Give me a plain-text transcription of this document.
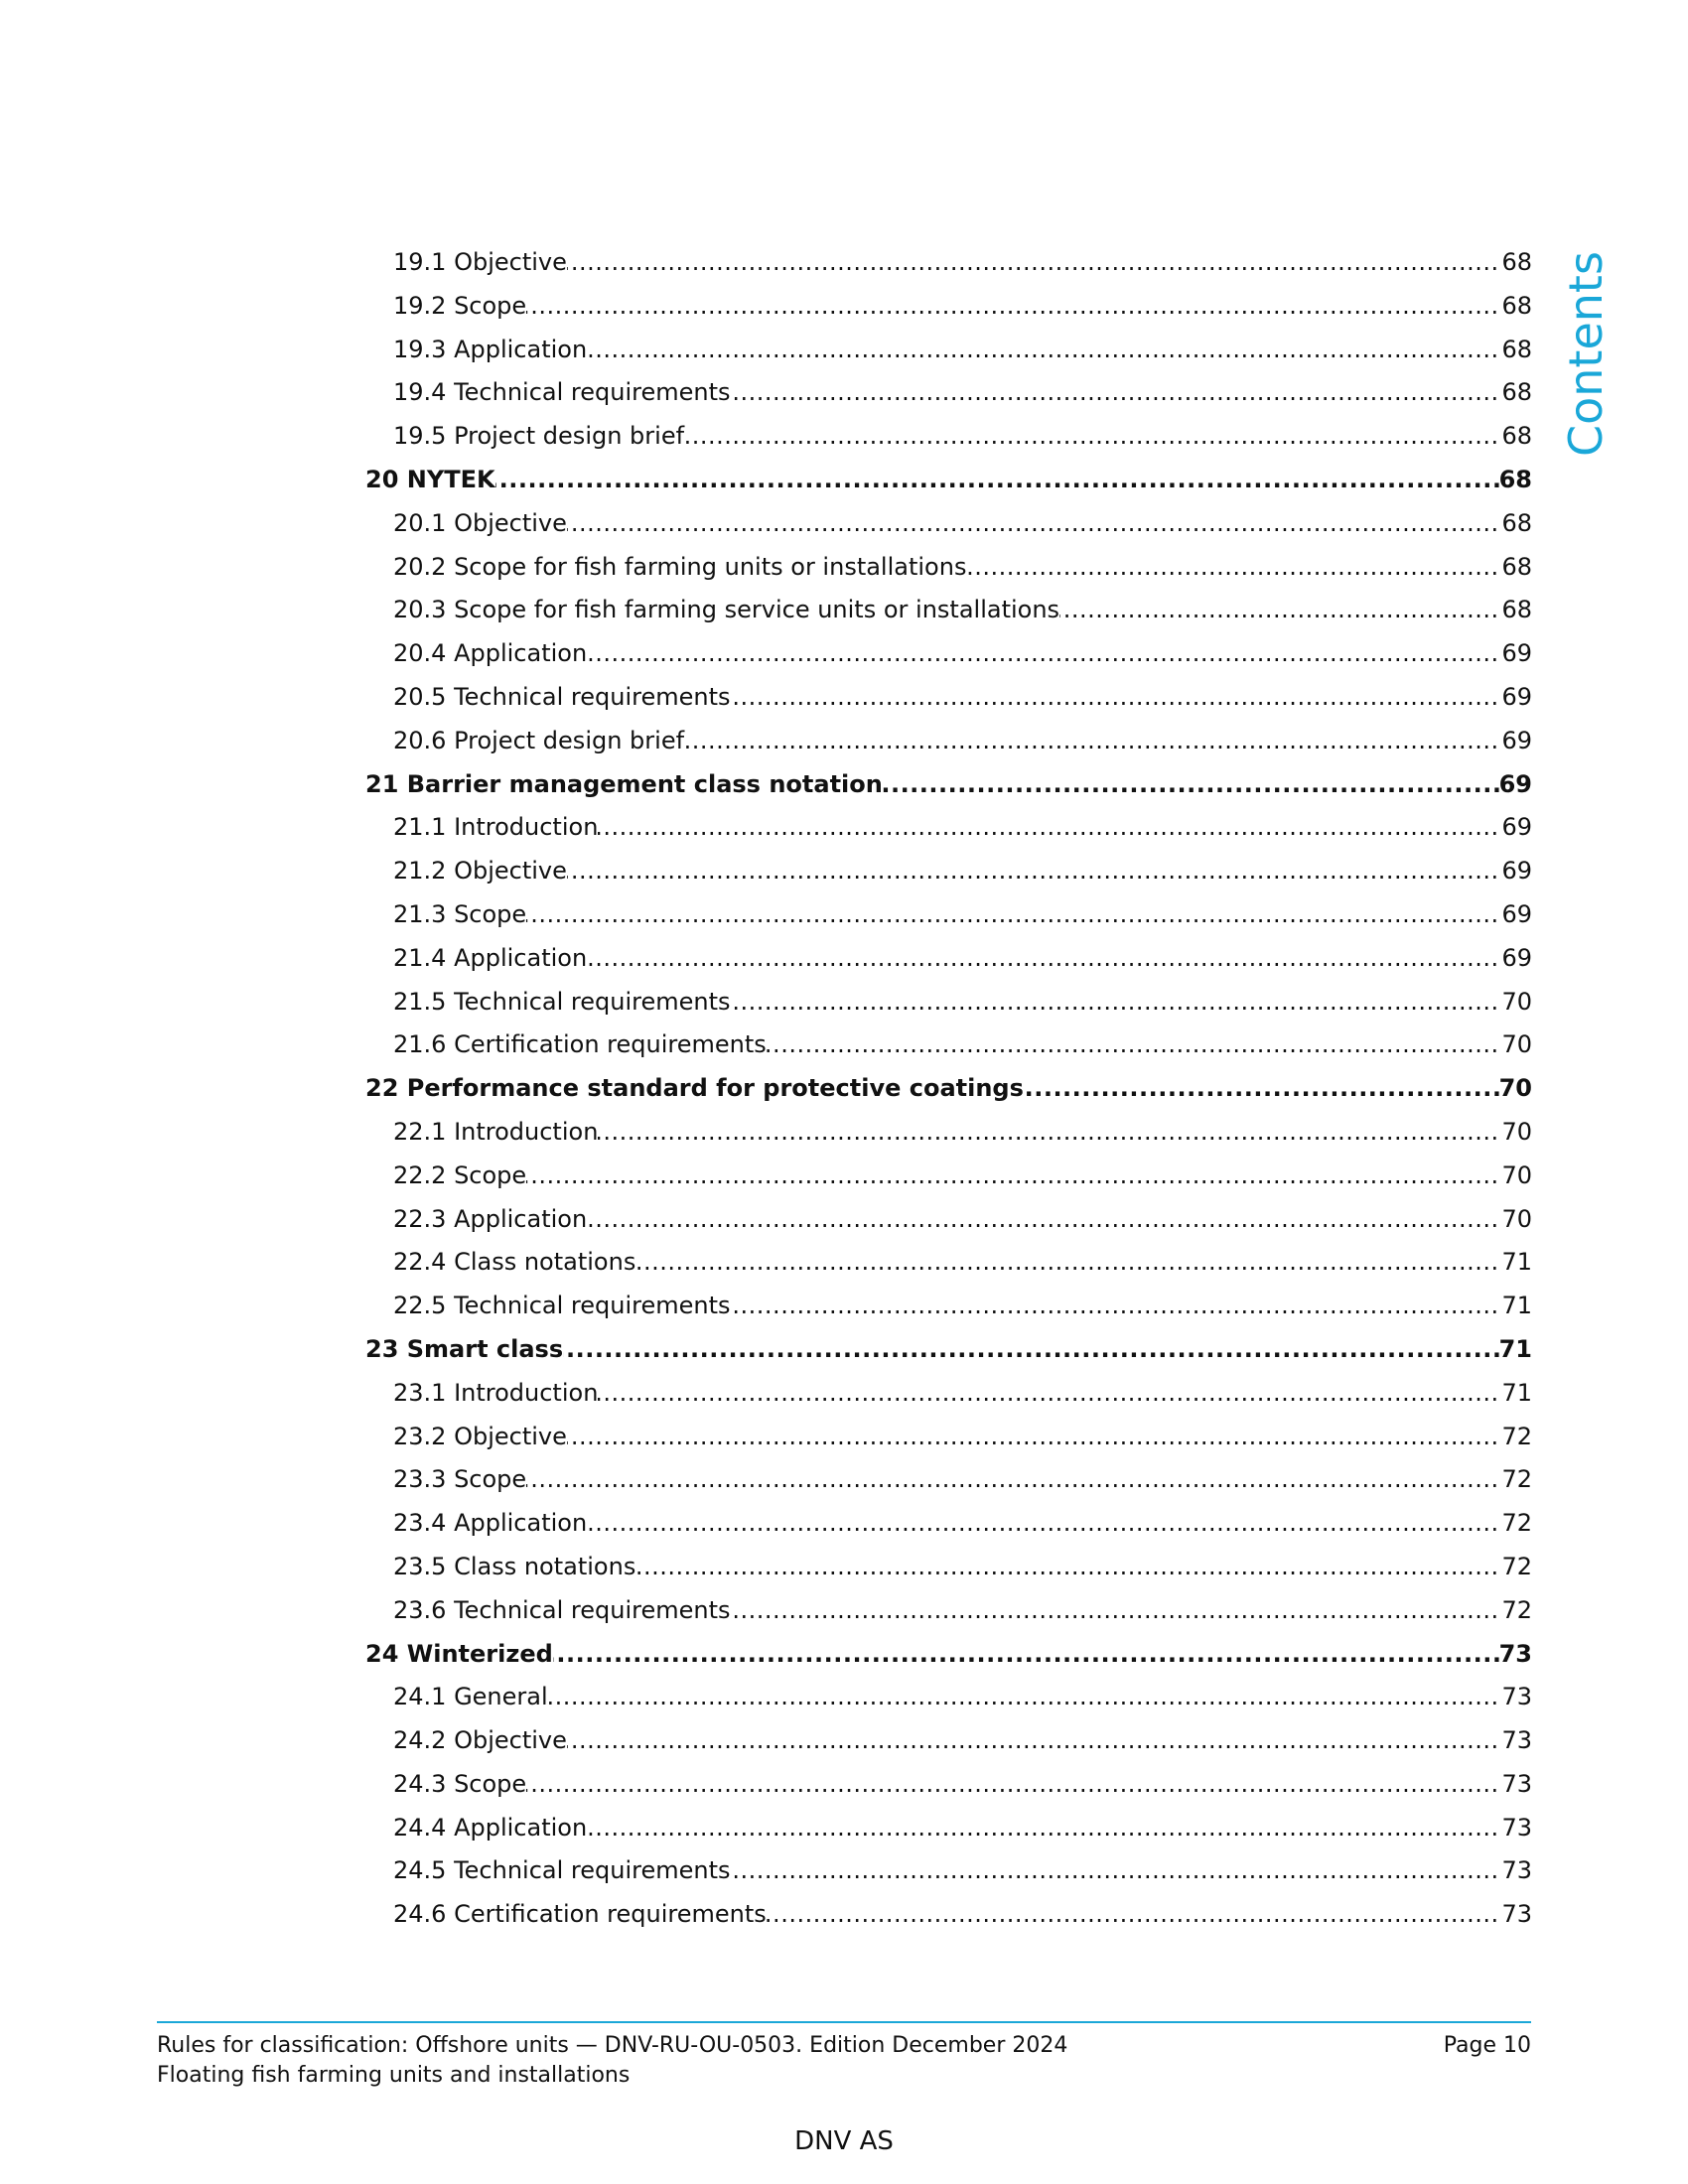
Contents
.....
19.1 Objective	68
.....
19.2 Scope	68
.....
19.3 Application	68
.....
19.4 Technical requirements	68
.....
19.5 Project design brief	68
.....
20 NYTEK	68
.....
20.1 Objective	68
.....
20.2 Scope for fish farming units or installations	68
.....
20.3 Scope for fish farming service units or installations	68
.....
20.4 Application	69
.....
20.5 Technical requirements	69
.....
20.6 Project design brief	69
.....
21 Barrier management class notation	69
.....
21.1 Introduction	69
.....
21.2 Objective	69
.....
21.3 Scope	69
.....
21.4 Application	69
.....
21.5 Technical requirements	70
.....
21.6 Certification requirements	70
.....
22 Performance standard for protective coatings	70
.....
22.1 Introduction	70
.....
22.2 Scope	70
.....
22.3 Application	70
.....
22.4 Class notations	71
.....
22.5 Technical requirements	71
.....
23 Smart class	71
.....
23.1 Introduction	71
.....
23.2 Objective	72
.....
23.3 Scope	72
.....
23.4 Application	72
.....
23.5 Class notations	72
.....
23.6 Technical requirements	72
.....
24 Winterized	73
.....
24.1 General	73
.....
24.2 Objective	73
.....
24.3 Scope	73
.....
24.4 Application	73
.....
24.5 Technical requirements	73
.....
24.6 Certification requirements	73
Rules for classification: Offshore units — DNV-RU-OU-0503. Edition December 2024
Floating fish farming units and installations
Page 10
DNV AS
